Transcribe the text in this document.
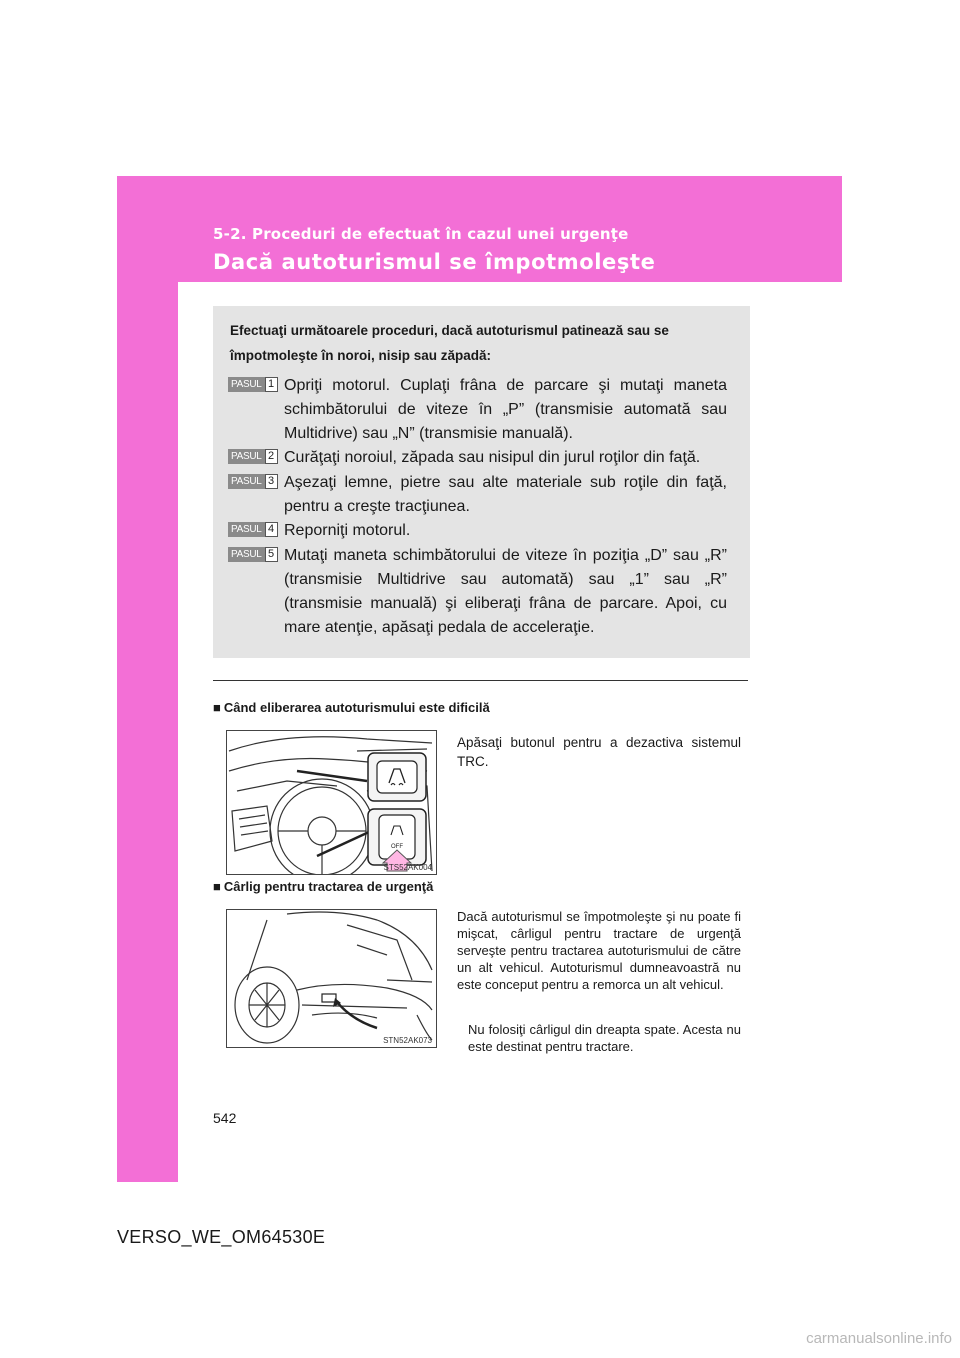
5-2. Proceduri de efectuat în cazul unei urgenţe
Dacă autoturismul se împotmoleşte
Efectuaţi următoarele proceduri, dacă autoturismul patinează sau se împotmoleşte în noroi, nisip sau zăpadă:
PASUL 1 Opriţi motorul. Cuplaţi frâna de parcare şi mutaţi maneta schimbătorului de viteze în „P” (transmisie automată sau Multidrive) sau „N” (transmisie manuală).
PASUL 2 Curăţaţi noroiul, zăpada sau nisipul din jurul roţilor din faţă.
PASUL 3 Aşezaţi lemne, pietre sau alte materiale sub roţile din faţă, pentru a creşte tracţiunea.
PASUL 4 Reporniţi motorul.
PASUL 5 Mutaţi maneta schimbătorului de viteze în poziţia „D” sau „R” (transmisie Multidrive sau automată) sau „1” sau „R” (transmisie manuală) şi eliberaţi frâna de parcare. Apoi, cu mare atenţie, apăsaţi pedala de acceleraţie.
■ Când eliberarea autoturismului este dificilă
OFF
STS52AK004
Apăsaţi butonul pentru a dezactiva sistemul TRC.
■ Cârlig pentru tractarea de urgenţă
STN52AK073
Dacă autoturismul se împotmoleşte şi nu poate fi mişcat, cârligul pentru tractare de urgenţă serveşte pentru tractarea autoturismului de către un alt vehicul. Autoturismul dumneavoastră nu este conceput pentru a remorca un alt vehicul.
Nu folosiţi cârligul din dreapta spate. Acesta nu este destinat pentru tractare.
542
VERSO_WE_OM64530E
carmanualsonline.info
